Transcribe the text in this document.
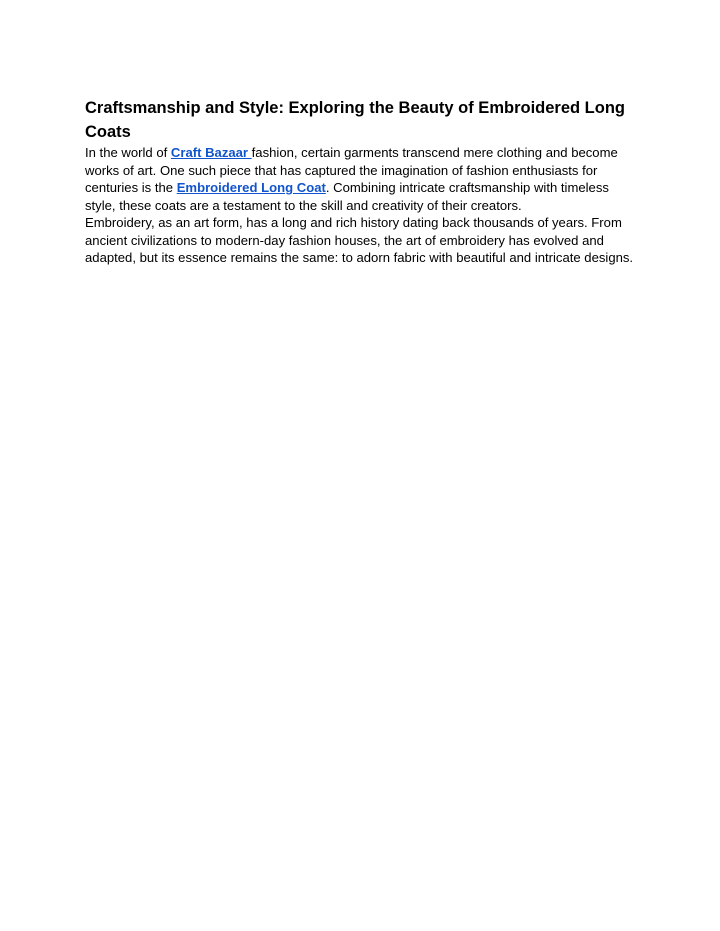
Craftsmanship and Style: Exploring the Beauty of Embroidered Long Coats

In the world of Craft Bazaar fashion, certain garments transcend mere clothing and become works of art. One such piece that has captured the imagination of fashion enthusiasts for centuries is the Embroidered Long Coat. Combining intricate craftsmanship with timeless style, these coats are a testament to the skill and creativity of their creators.

Embroidery, as an art form, has a long and rich history dating back thousands of years. From ancient civilizations to modern-day fashion houses, the art of embroidery has evolved and adapted, but its essence remains the same: to adorn fabric with beautiful and intricate designs.
